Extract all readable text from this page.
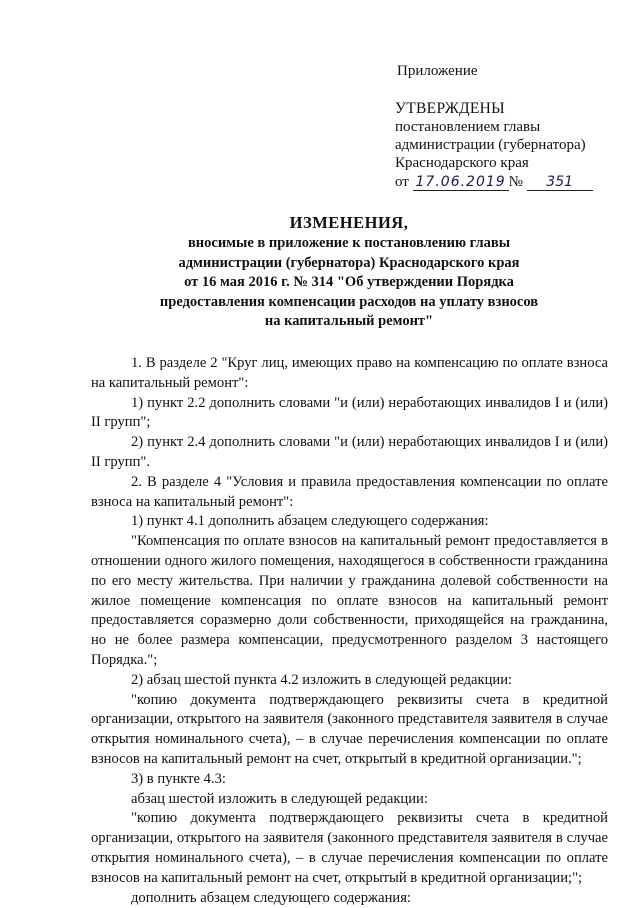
Приложение
УТВЕРЖДЕНЫ
постановлением главы
администрации (губернатора)
Краснодарского края
от 17.06.2019 № 351
ИЗМЕНЕНИЯ,
вносимые в приложение к постановлению главы
администрации (губернатора) Краснодарского края
от 16 мая 2016 г. № 314 "Об утверждении Порядка
предоставления компенсации расходов на уплату взносов
на капитальный ремонт"

1. В разделе 2 "Круг лиц, имеющих право на компенсацию по оплате взноса на капитальный ремонт":

1) пункт 2.2 дополнить словами "и (или) неработающих инвалидов I и (или) II групп";

2) пункт 2.4 дополнить словами "и (или) неработающих инвалидов I и (или) II групп".

2. В разделе 4 "Условия и правила предоставления компенсации по оплате взноса на капитальный ремонт":

1) пункт 4.1 дополнить абзацем следующего содержания:

"Компенсация по оплате взносов на капитальный ремонт предоставляется в отношении одного жилого помещения, находящегося в собственности гражданина по его месту жительства. При наличии у гражданина долевой собственности на жилое помещение компенсация по оплате взносов на капитальный ремонт предоставляется соразмерно доли собственности, приходящейся на гражданина, но не более размера компенсации, предусмотренного разделом 3 настоящего Порядка.";

2) абзац шестой пункта 4.2 изложить в следующей редакции:

"копию документа подтверждающего реквизиты счета в кредитной организации, открытого на заявителя (законного представителя заявителя в случае открытия номинального счета), – в случае перечисления компенсации по оплате взносов на капитальный ремонт на счет, открытый в кредитной организации.";

3) в пункте 4.3:

абзац шестой изложить в следующей редакции:

"копию документа подтверждающего реквизиты счета в кредитной организации, открытого на заявителя (законного представителя заявителя в случае открытия номинального счета), – в случае перечисления компенсации по оплате взносов на капитальный ремонт на счет, открытый в кредитной организации;";

дополнить абзацем следующего содержания:
